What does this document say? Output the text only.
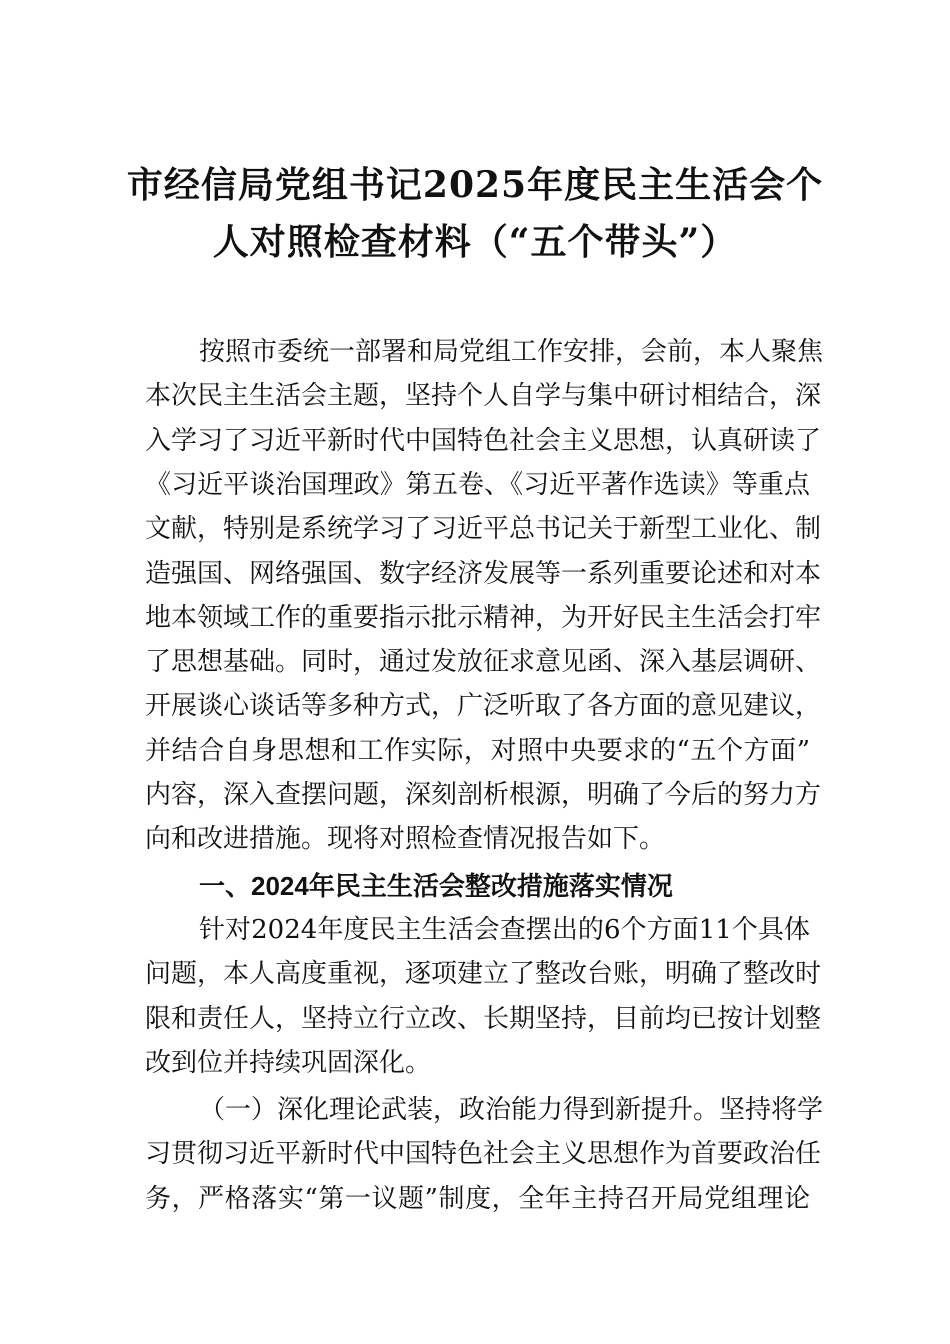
市经信局党组书记2025年度民主生活会个
人对照检查材料（“五个带头”）
按照市委统一部署和局党组工作安排，会前，本人聚焦
本次民主生活会主题，坚持个人自学与集中研讨相结合，深
入学习了习近平新时代中国特色社会主义思想，认真研读了
《习近平谈治国理政》第五卷、《习近平著作选读》等重点
文献，特别是系统学习了习近平总书记关于新型工业化、制
造强国、网络强国、数字经济发展等一系列重要论述和对本
地本领域工作的重要指示批示精神，为开好民主生活会打牢
了思想基础。同时，通过发放征求意见函、深入基层调研、
开展谈心谈话等多种方式，广泛听取了各方面的意见建议，
并结合自身思想和工作实际，对照中央要求的“五个方面”
内容，深入查摆问题，深刻剖析根源，明确了今后的努力方
向和改进措施。现将对照检查情况报告如下。
一、2024年民主生活会整改措施落实情况
针对2024年度民主生活会查摆出的6个方面11个具体
问题，本人高度重视，逐项建立了整改台账，明确了整改时
限和责任人，坚持立行立改、长期坚持，目前均已按计划整
改到位并持续巩固深化。
（一）深化理论武装，政治能力得到新提升。坚持将学
习贯彻习近平新时代中国特色社会主义思想作为首要政治任
务，严格落实“第一议题”制度，全年主持召开局党组理论
